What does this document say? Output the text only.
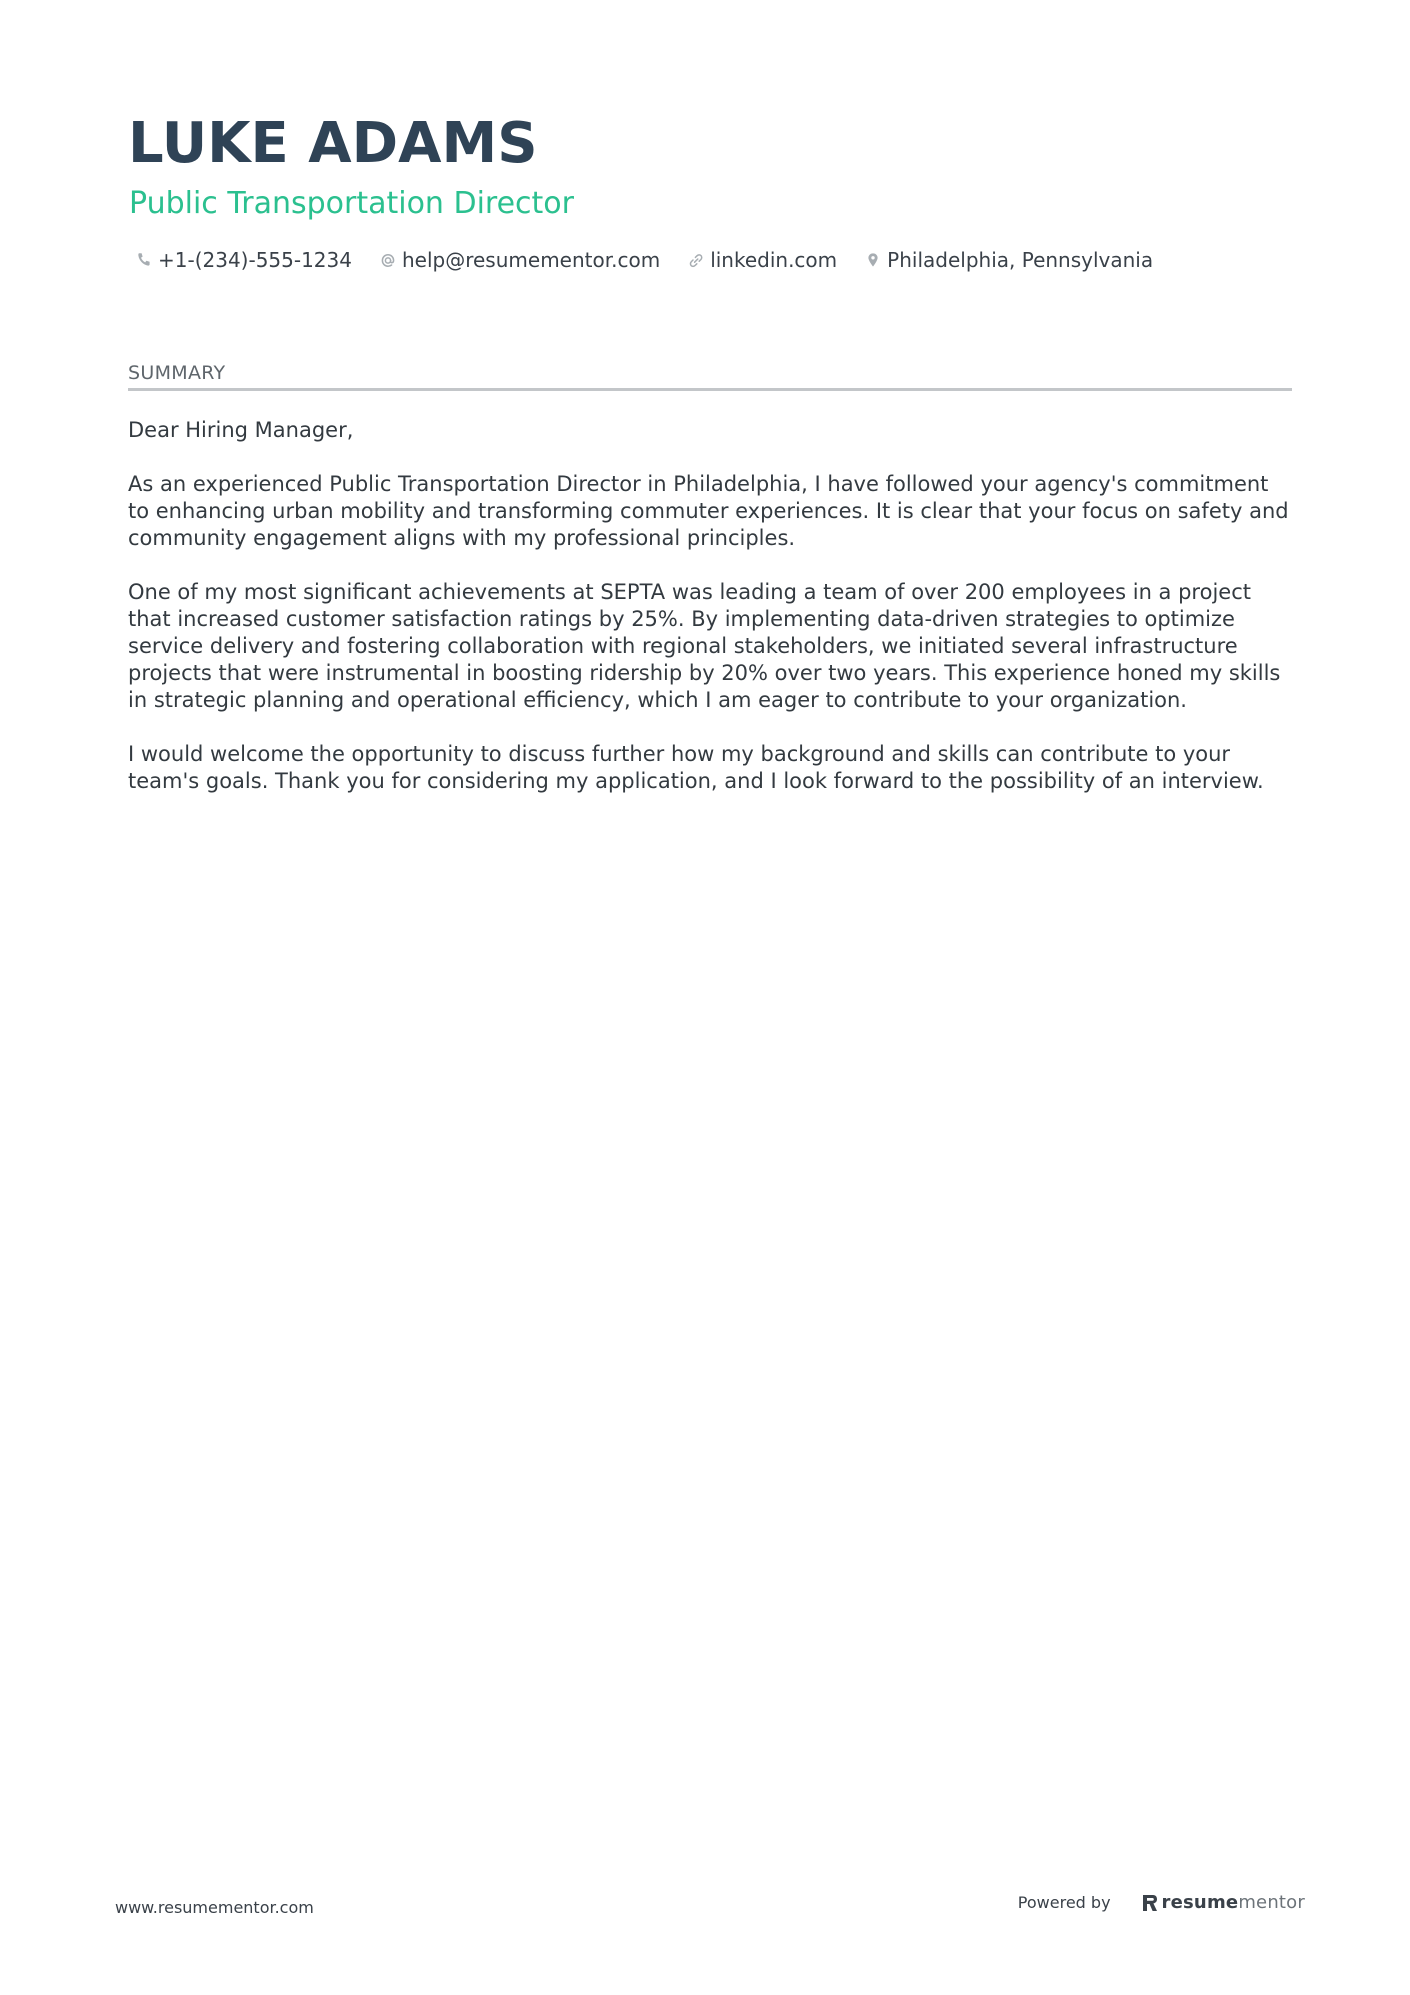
LUKE ADAMS
Public Transportation Director
+1-(234)-555-1234	help@resumementor.com	linkedin.com	Philadelphia, Pennsylvania
SUMMARY

Dear Hiring Manager,

As an experienced Public Transportation Director in Philadelphia, I have followed your agency's commitment to enhancing urban mobility and transforming commuter experiences. It is clear that your focus on safety and community engagement aligns with my professional principles.

One of my most significant achievements at SEPTA was leading a team of over 200 employees in a project that increased customer satisfaction ratings by 25%. By implementing data-driven strategies to optimize service delivery and fostering collaboration with regional stakeholders, we initiated several infrastructure projects that were instrumental in boosting ridership by 20% over two years. This experience honed my skills in strategic planning and operational efficiency, which I am eager to contribute to your organization.

I would welcome the opportunity to discuss further how my background and skills can contribute to your team's goals. Thank you for considering my application, and I look forward to the possibility of an interview.

www.resumementor.com	Powered by	resumementor
